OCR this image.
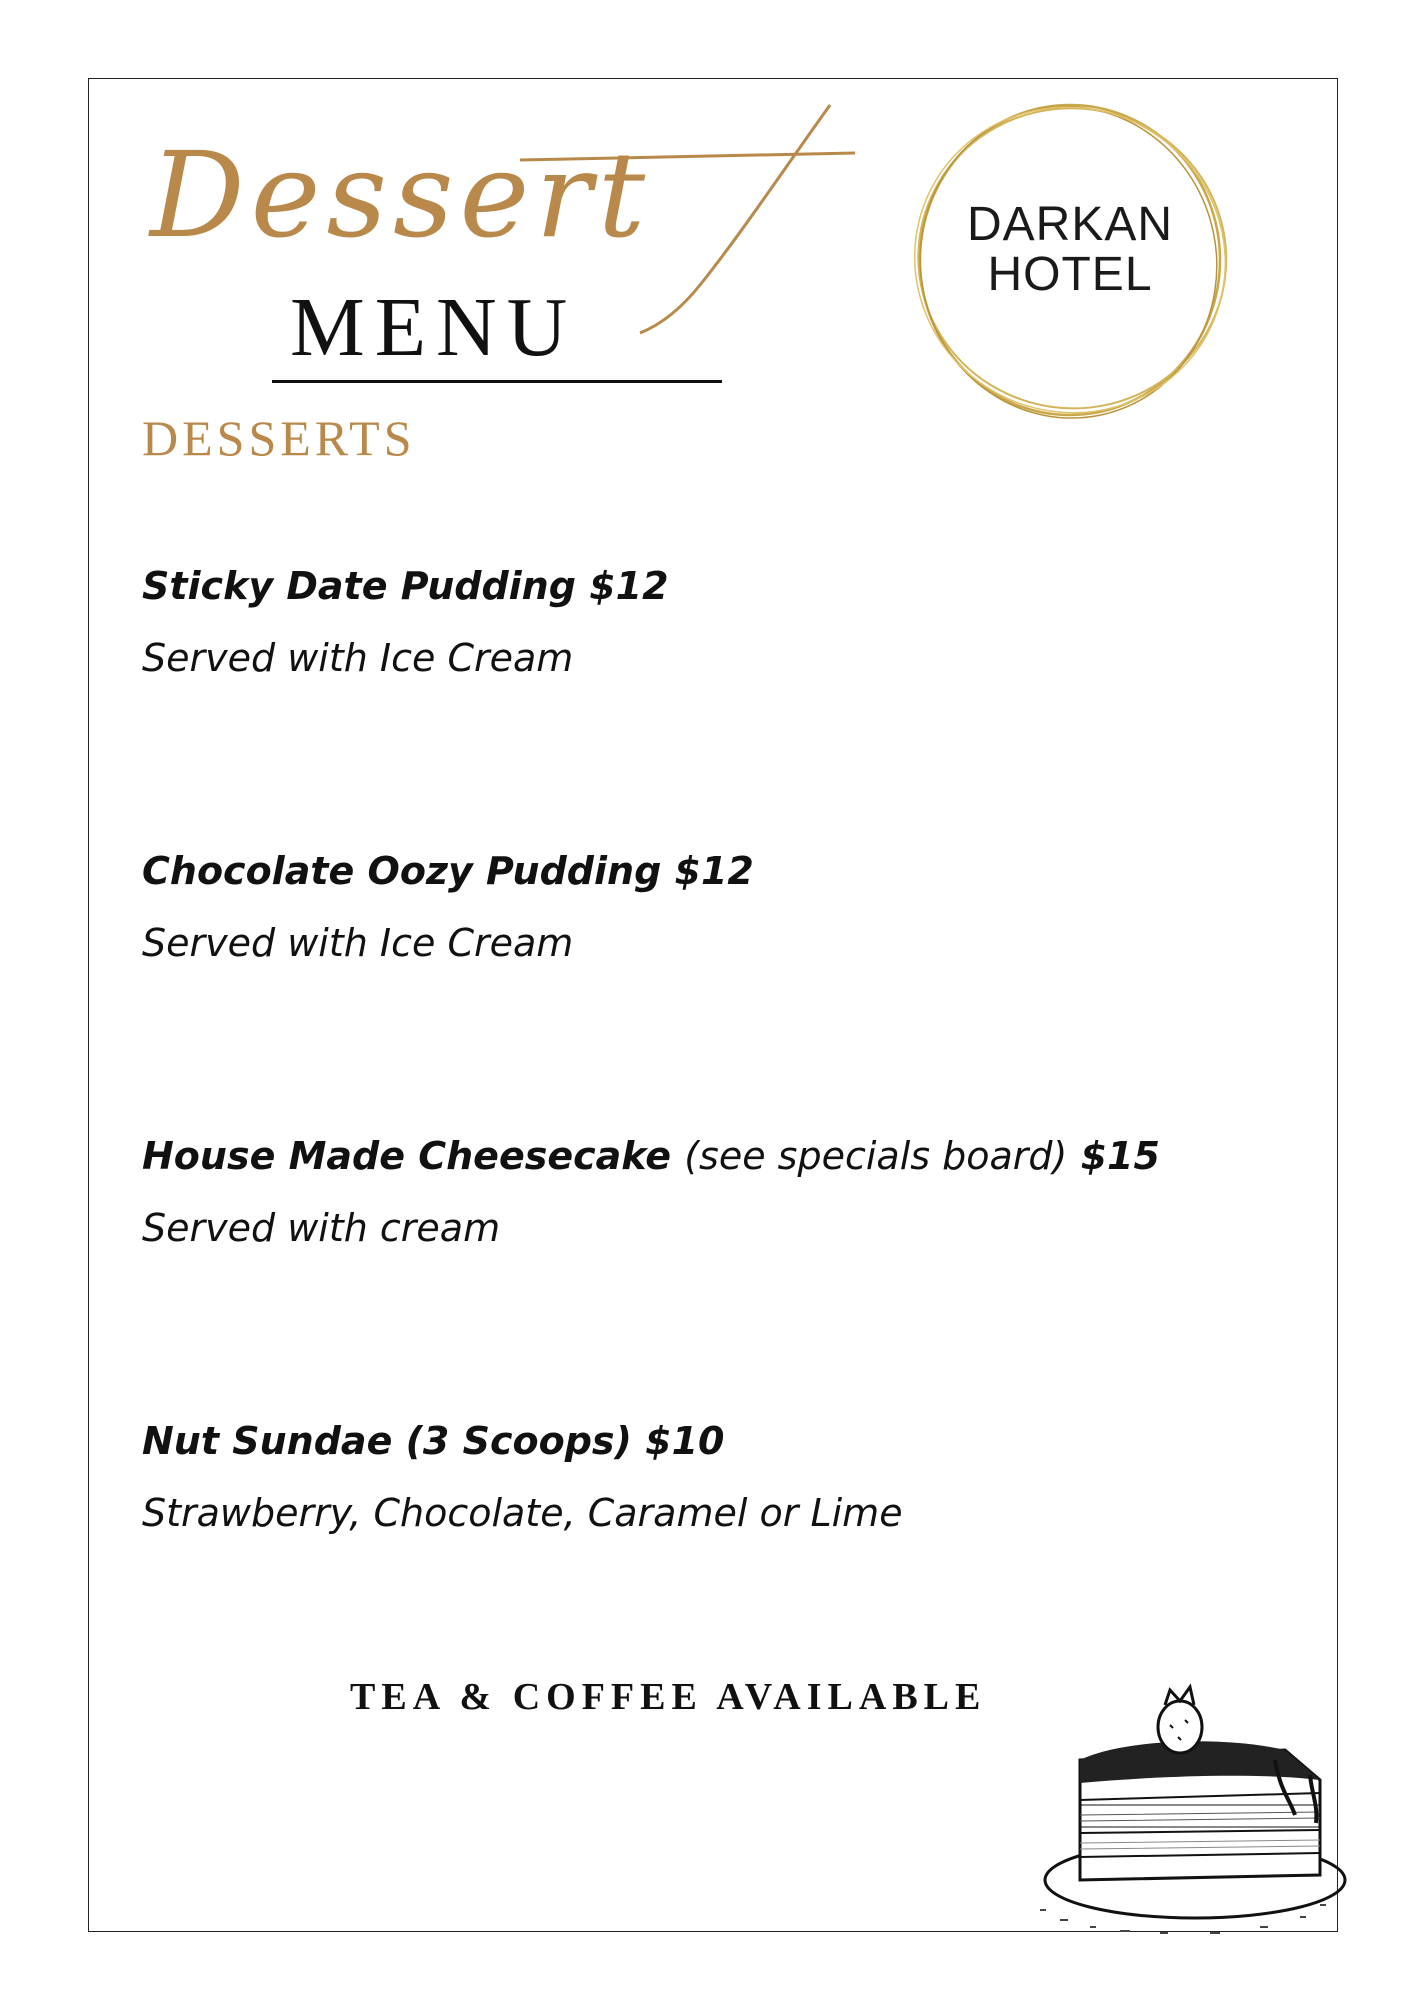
Dessert
MENU
DARKAN
HOTEL
DESSERTS
Sticky Date Pudding $12
Served with Ice Cream
Chocolate Oozy Pudding $12
Served with Ice Cream
House Made Cheesecake (see specials board) $15
Served with cream
Nut Sundae (3 Scoops) $10
Strawberry, Chocolate, Caramel or Lime
TEA & COFFEE AVAILABLE
